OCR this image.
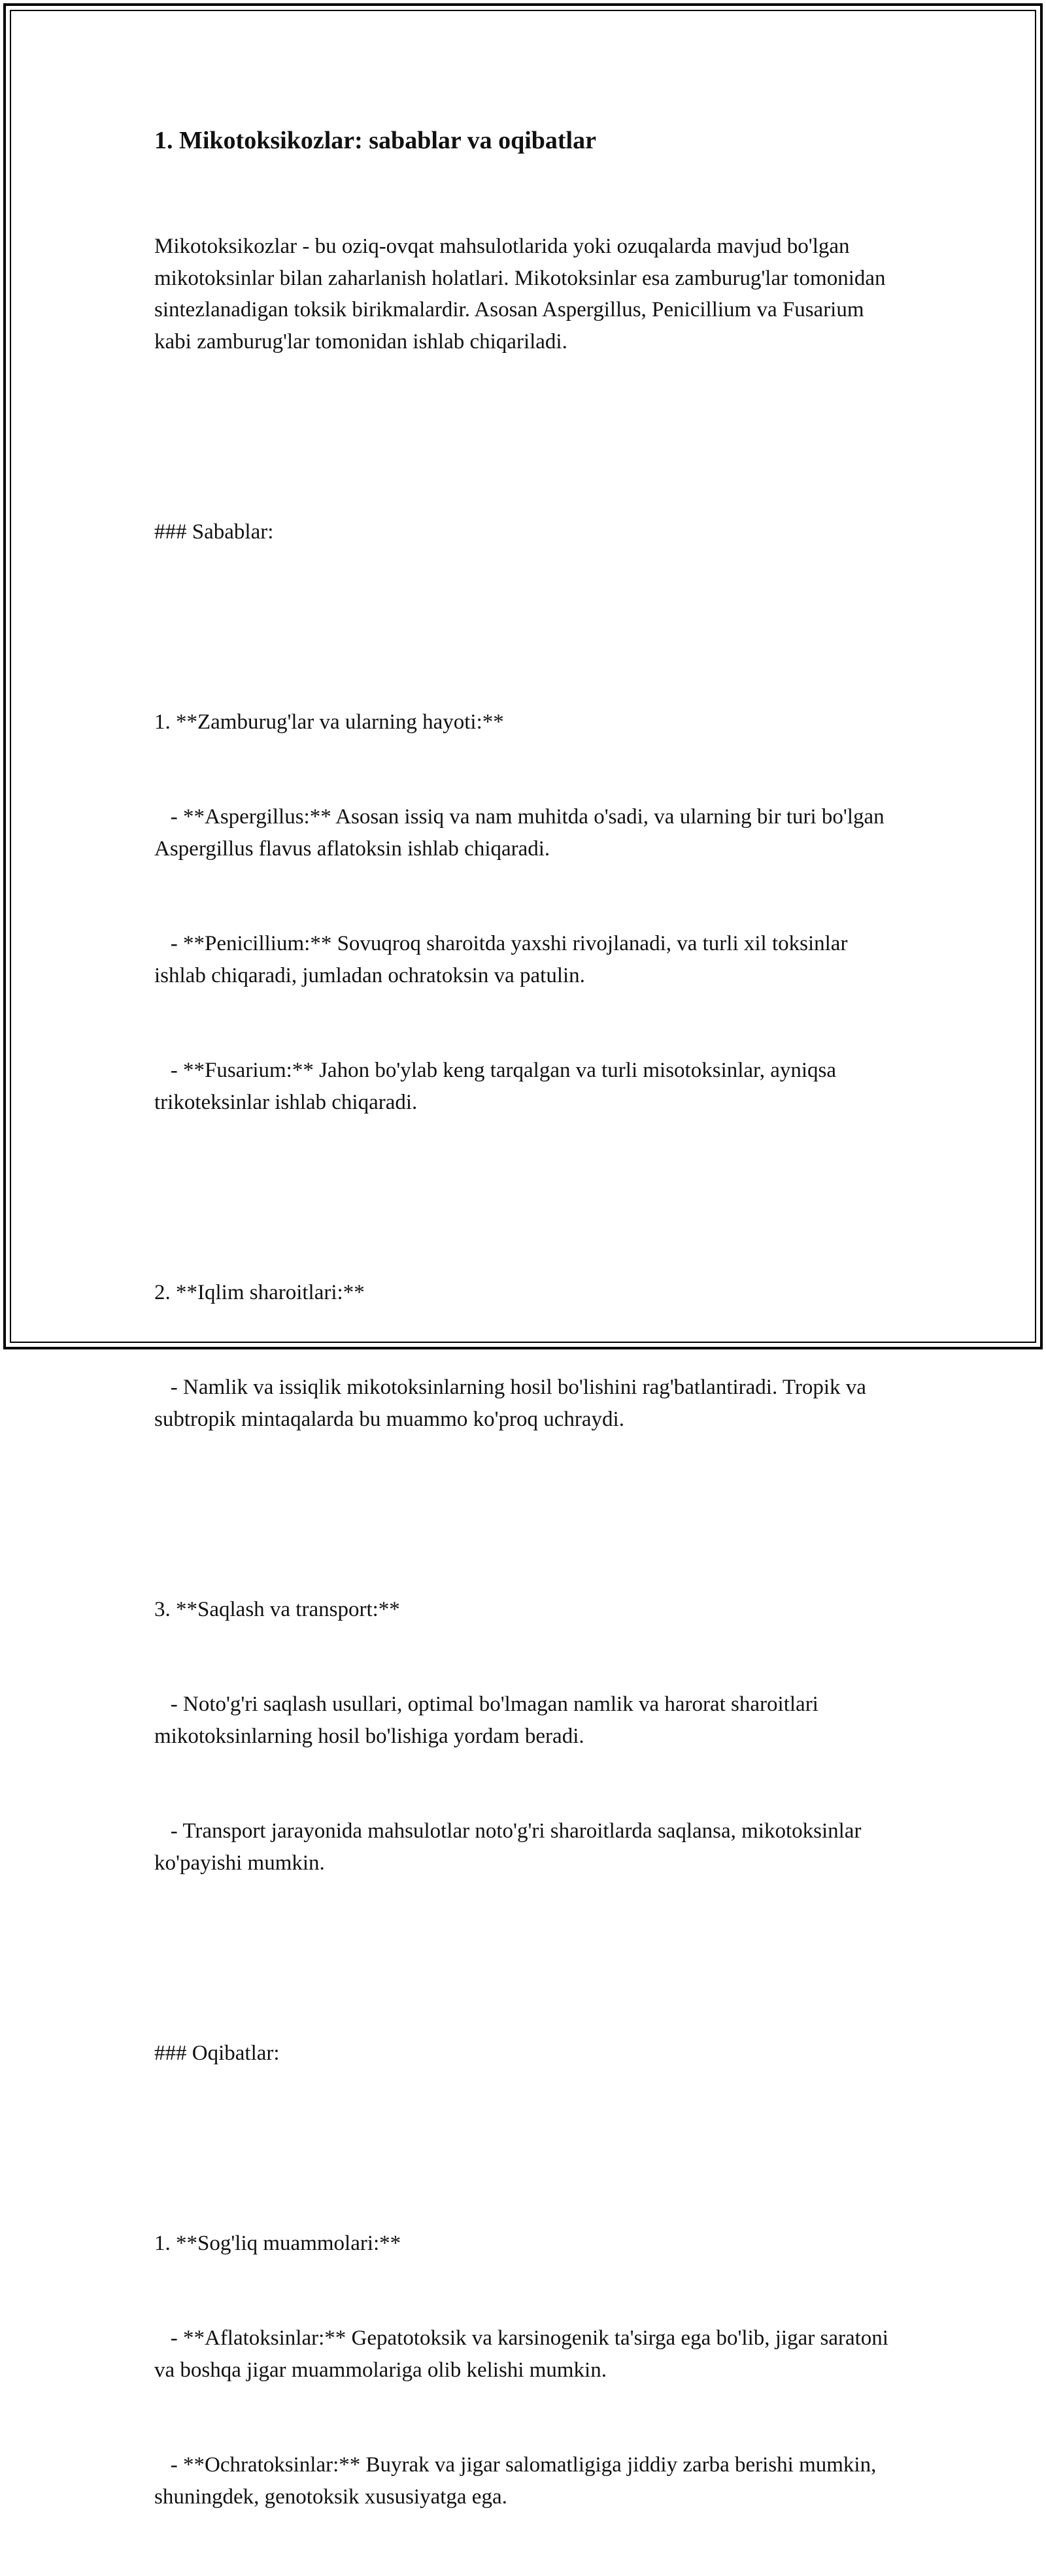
1. Mikotoksikozlar: sabablar va oqibatlar

Mikotoksikozlar - bu oziq-ovqat mahsulotlarida yoki ozuqalarda mavjud bo'lgan mikotoksinlar bilan zaharlanish holatlari. Mikotoksinlar esa zamburug'lar tomonidan sintezlanadigan toksik birikmalardir. Asosan Aspergillus, Penicillium va Fusarium kabi zamburug'lar tomonidan ishlab chiqariladi.

### Sabablar:

1. **Zamburug'lar va ularning hayoti:**

- **Aspergillus:** Asosan issiq va nam muhitda o'sadi, va ularning bir turi bo'lgan Aspergillus flavus aflatoksin ishlab chiqaradi.

- **Penicillium:** Sovuqroq sharoitda yaxshi rivojlanadi, va turli xil toksinlar ishlab chiqaradi, jumladan ochratoksin va patulin.

- **Fusarium:** Jahon bo'ylab keng tarqalgan va turli misotoksinlar, ayniqsa trikoteksinlar ishlab chiqaradi.

2. **Iqlim sharoitlari:**

- Namlik va issiqlik mikotoksinlarning hosil bo'lishini rag'batlantiradi. Tropik va subtropik mintaqalarda bu muammo ko'proq uchraydi.

3. **Saqlash va transport:**

- Noto'g'ri saqlash usullari, optimal bo'lmagan namlik va harorat sharoitlari mikotoksinlarning hosil bo'lishiga yordam beradi.

- Transport jarayonida mahsulotlar noto'g'ri sharoitlarda saqlansa, mikotoksinlar ko'payishi mumkin.

### Oqibatlar:

1. **Sog'liq muammolari:**

- **Aflatoksinlar:** Gepatotoksik va karsinogenik ta'sirga ega bo'lib, jigar saratoni va boshqa jigar muammolariga olib kelishi mumkin.

- **Ochratoksinlar:** Buyrak va jigar salomatligiga jiddiy zarba berishi mumkin, shuningdek, genotoksik xususiyatga ega.
